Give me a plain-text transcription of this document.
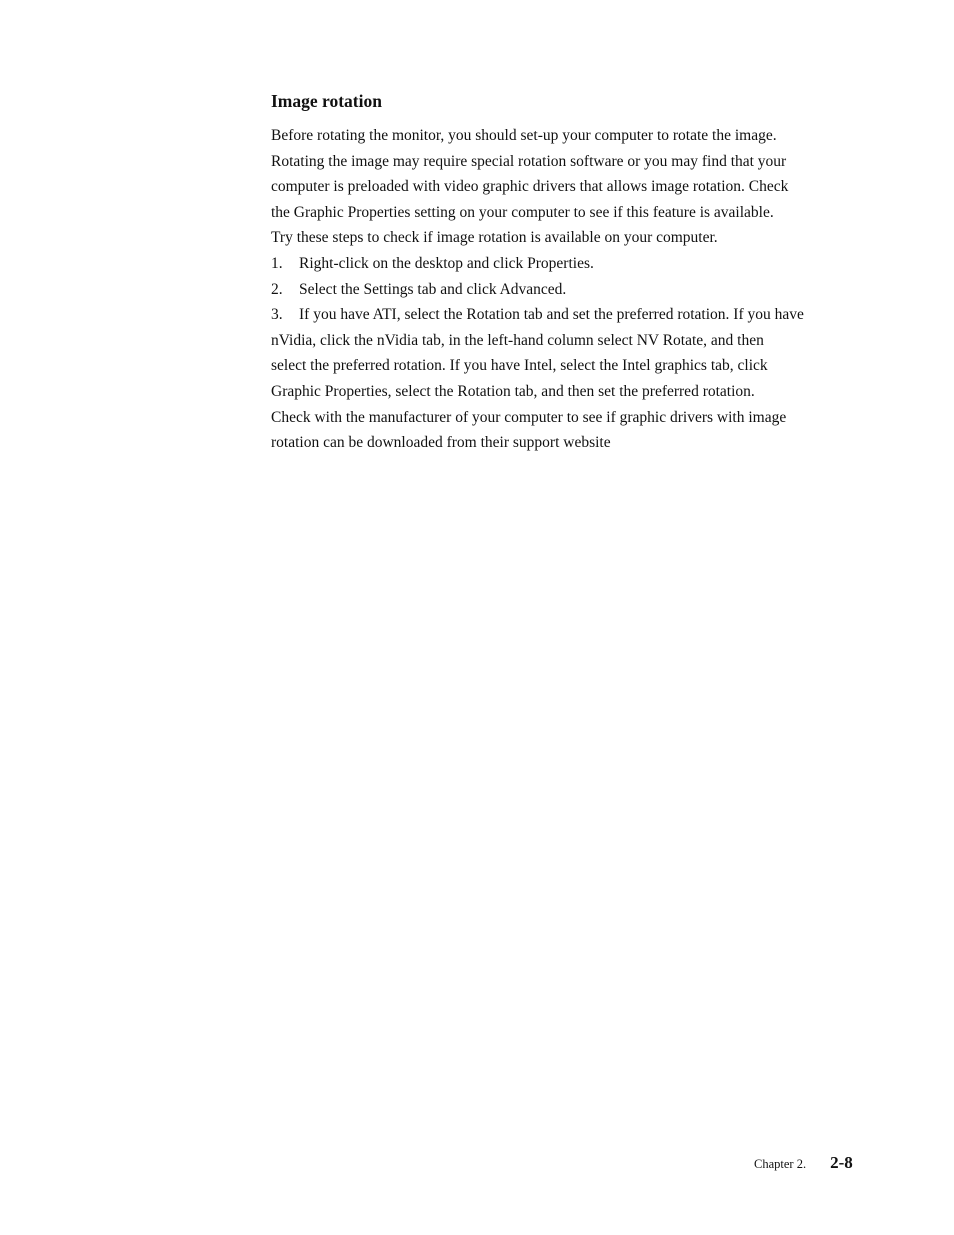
Image rotation
Before rotating the monitor, you should set-up your computer to rotate the image.
Rotating the image may require special rotation software or you may find that your
computer is preloaded with video graphic drivers that allows image rotation. Check
the Graphic Properties setting on your computer to see if this feature is available.
Try these steps to check if image rotation is available on your computer.
1. Right-click on the desktop and click Properties.
2. Select the Settings tab and click Advanced.
3. If you have ATI, select the Rotation tab and set the preferred rotation. If you have
nVidia, click the nVidia tab, in the left-hand column select NV Rotate, and then
select the preferred rotation. If you have Intel, select the Intel graphics tab, click
Graphic Properties, select the Rotation tab, and then set the preferred rotation.
Check with the manufacturer of your computer to see if graphic drivers with image
rotation can be downloaded from their support website
Chapter 2. 2-8
